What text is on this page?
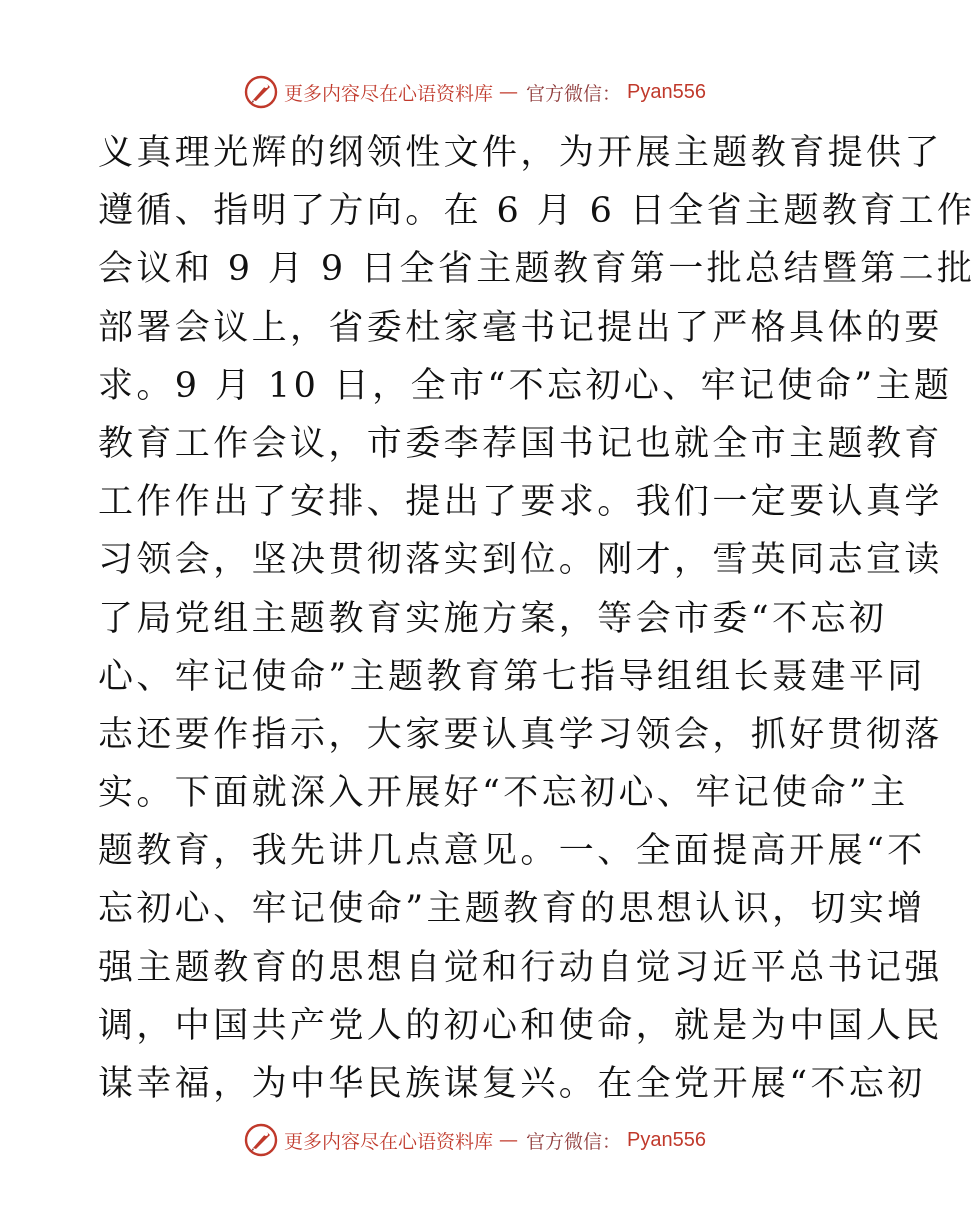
更多内容尽在心语资料库 — 官方微信： Pyan556
义真理光辉的纲领性文件，为开展主题教育提供了
遵循、指明了方向。在 6 月 6 日全省主题教育工作
会议和 9 月 9 日全省主题教育第一批总结暨第二批
部署会议上，省委杜家毫书记提出了严格具体的要
求。9 月 10 日，全市“不忘初心、牢记使命”主题
教育工作会议，市委李荐国书记也就全市主题教育
工作作出了安排、提出了要求。我们一定要认真学
习领会，坚决贯彻落实到位。刚才，雪英同志宣读
了局党组主题教育实施方案，等会市委“不忘初
心、牢记使命”主题教育第七指导组组长聂建平同
志还要作指示，大家要认真学习领会，抓好贯彻落
实。下面就深入开展好“不忘初心、牢记使命”主
题教育，我先讲几点意见。一、全面提高开展“不
忘初心、牢记使命”主题教育的思想认识，切实增
强主题教育的思想自觉和行动自觉习近平总书记强
调，中国共产党人的初心和使命，就是为中国人民
谋幸福，为中华民族谋复兴。在全党开展“不忘初
更多内容尽在心语资料库 — 官方微信： Pyan556
